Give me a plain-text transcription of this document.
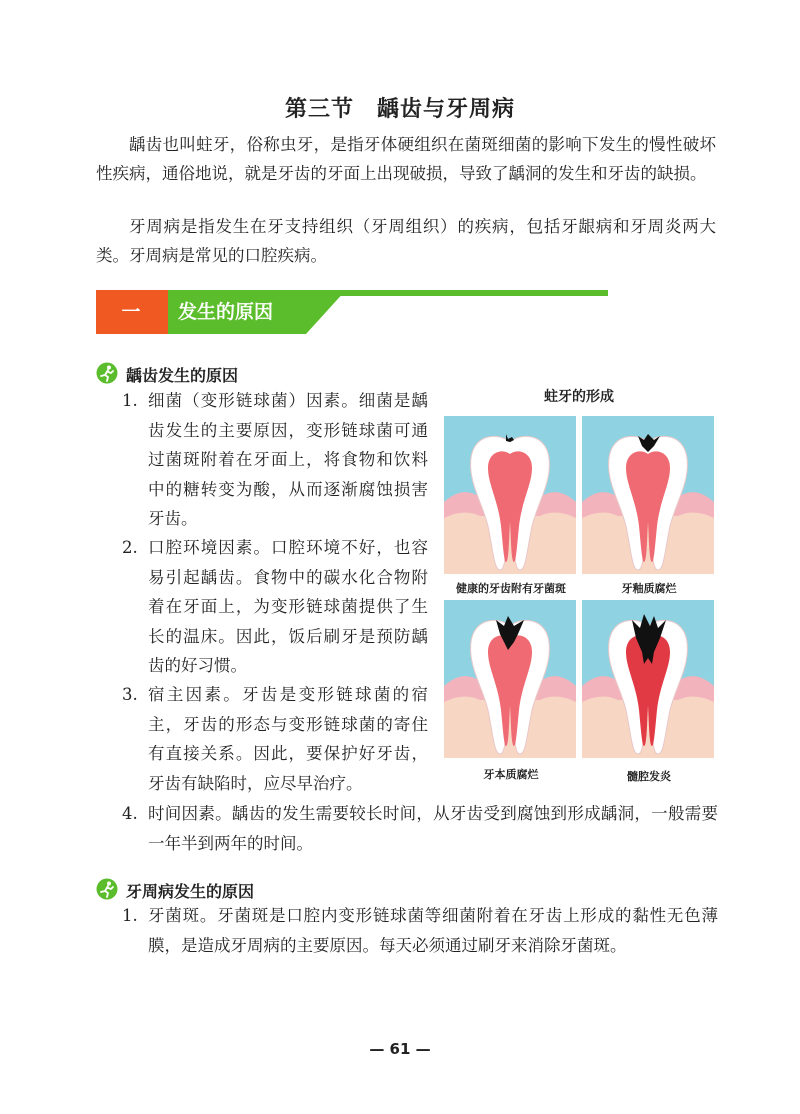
第三节　龋齿与牙周病

龋齿也叫蛀牙，俗称虫牙，是指牙体硬组织在菌斑细菌的影响下发生的慢性破坏性疾病，通俗地说，就是牙齿的牙面上出现破损，导致了龋洞的发生和牙齿的缺损。

牙周病是指发生在牙支持组织（牙周组织）的疾病，包括牙龈病和牙周炎两大类。牙周病是常见的口腔疾病。

一	发生的原因
龋齿发生的原因

1. 细菌（变形链球菌）因素。细菌是龋齿发生的主要原因，变形链球菌可通过菌斑附着在牙面上，将食物和饮料中的糖转变为酸，从而逐渐腐蚀损害牙齿。

2. 口腔环境因素。口腔环境不好，也容易引起龋齿。食物中的碳水化合物附着在牙面上，为变形链球菌提供了生长的温床。因此，饭后刷牙是预防龋齿的好习惯。

3. 宿主因素。牙齿是变形链球菌的宿主，牙齿的形态与变形链球菌的寄住有直接关系。因此，要保护好牙齿，牙齿有缺陷时，应尽早治疗。

4. 时间因素。龋齿的发生需要较长时间，从牙齿受到腐蚀到形成龋洞，一般需要一年半到两年的时间。

蛀牙的形成
健康的牙齿附有牙菌斑	牙釉质腐烂
牙本质腐烂	髓腔发炎
牙周病发生的原因

1. 牙菌斑。牙菌斑是口腔内变形链球菌等细菌附着在牙齿上形成的黏性无色薄膜，是造成牙周病的主要原因。每天必须通过刷牙来消除牙菌斑。

— 61 —
